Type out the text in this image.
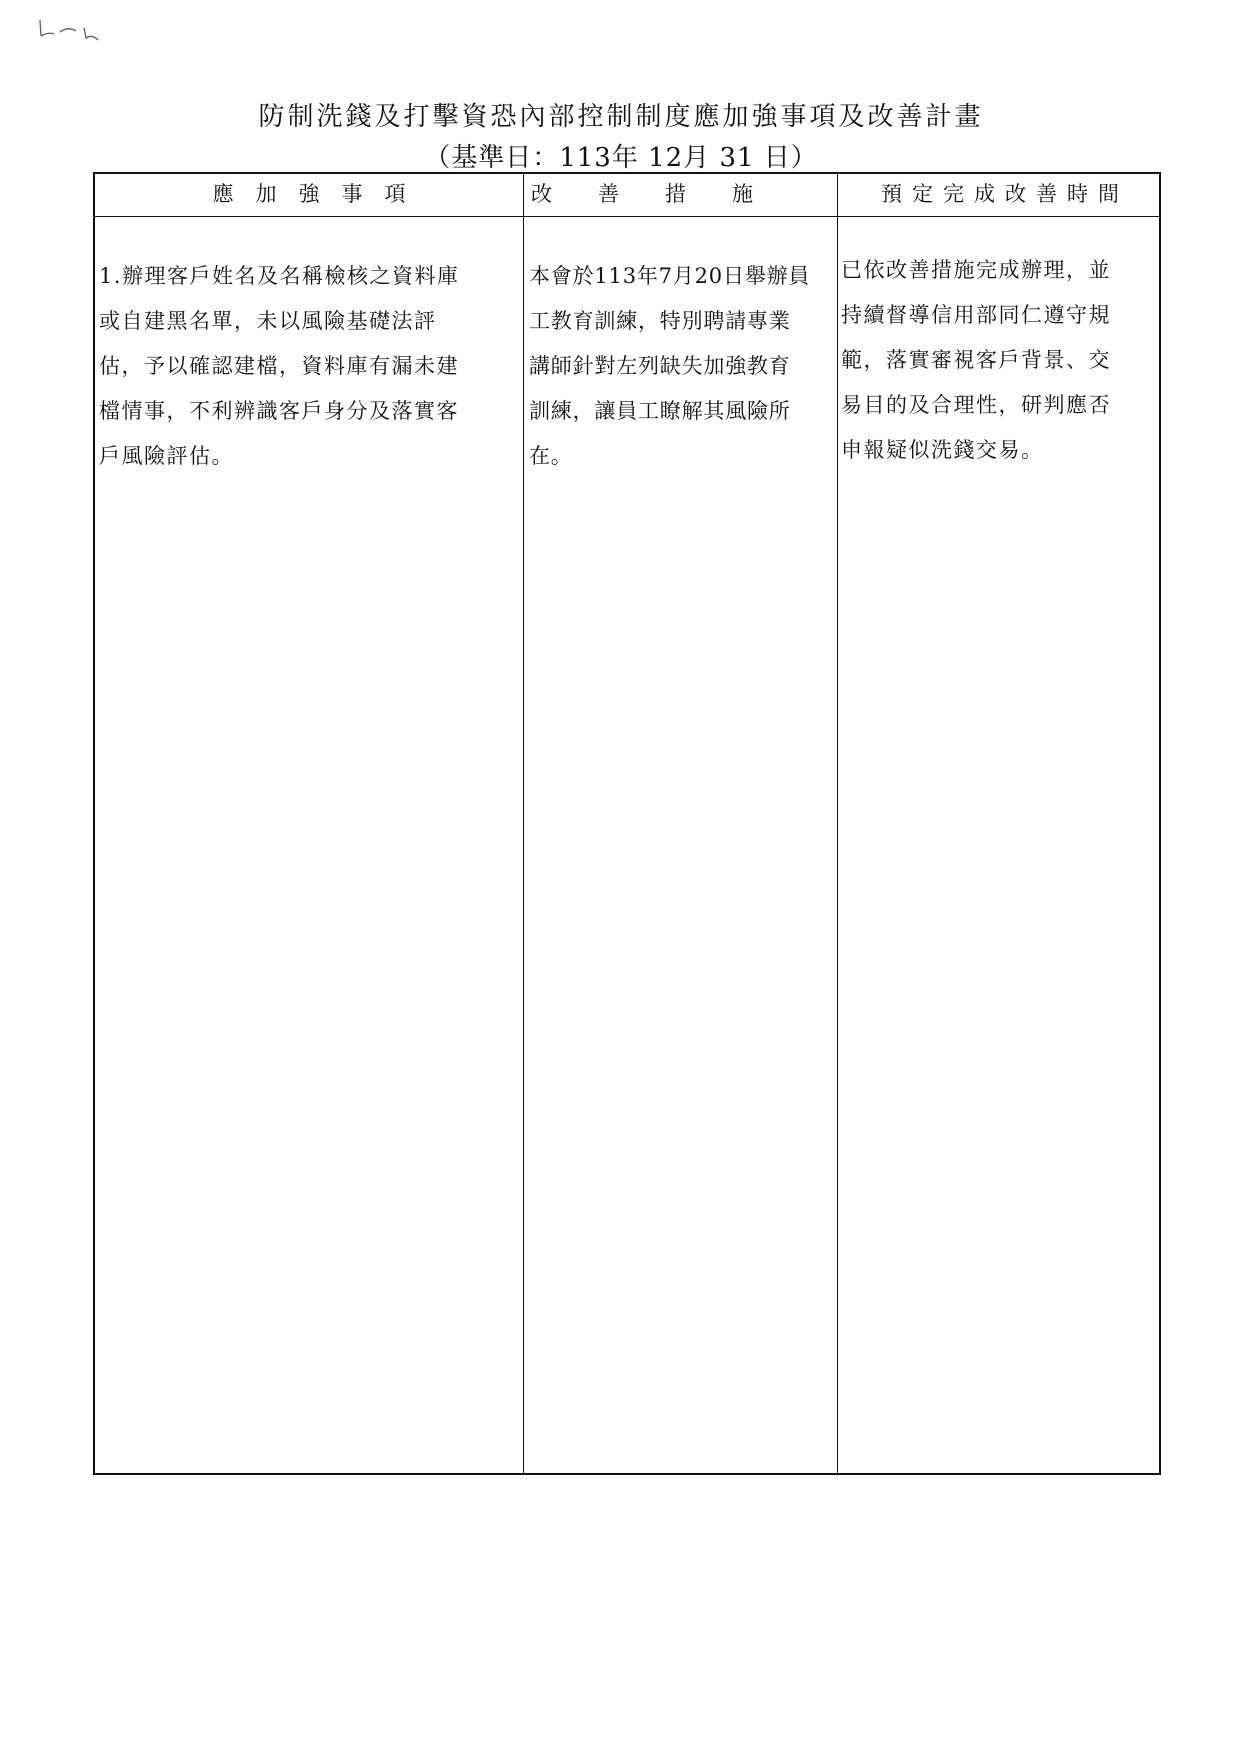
防制洗錢及打擊資恐內部控制制度應加強事項及改善計畫
（基準日：113年 12月 31 日）
應加強事項	改善措施	預定完成改善時間
1.辦理客戶姓名及名稱檢核之資料庫
或自建黑名單，未以風險基礎法評
估，予以確認建檔，資料庫有漏未建
檔情事，不利辨識客戶身分及落實客
戶風險評估。
本會於113年7月20日舉辦員
工教育訓練，特別聘請專業
講師針對左列缺失加強教育
訓練，讓員工瞭解其風險所
在。
已依改善措施完成辦理，並
持續督導信用部同仁遵守規
範，落實審視客戶背景、交
易目的及合理性，研判應否
申報疑似洗錢交易。
